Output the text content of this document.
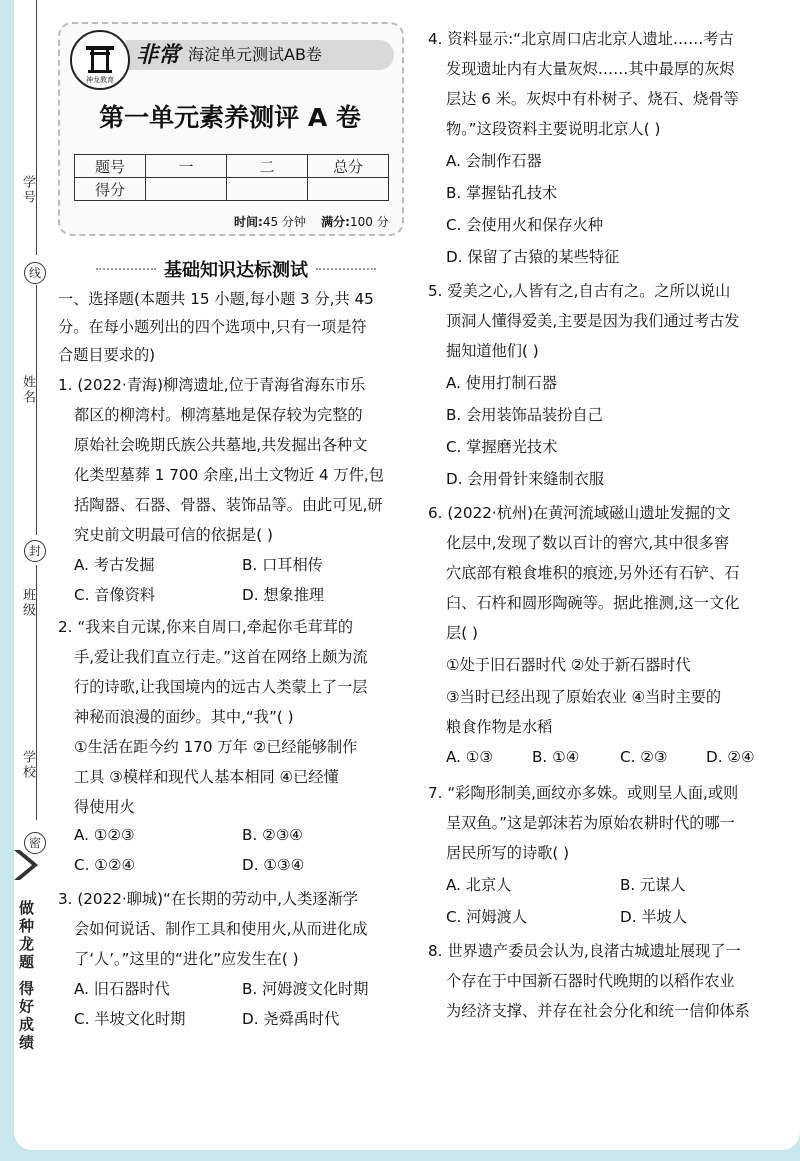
学号
线
姓名
封
班级
学校
密
做种龙题 得好成绩
神龙教育
非常 海淀单元测试AB卷
第一单元素养测评 A 卷
题号	一	二	总分
得分			
时间:45 分钟 满分:100 分
基础知识达标测试
一、选择题(本题共 15 小题,每小题 3 分,共 45
分。在每小题列出的四个选项中,只有一项是符
合题目要求的)
1. (2022·青海)柳湾遗址,位于青海省海东市乐
都区的柳湾村。柳湾墓地是保存较为完整的
原始社会晚期氏族公共墓地,共发掘出各种文
化类型墓葬 1 700 余座,出土文物近 4 万件,包
括陶器、石器、骨器、装饰品等。由此可见,研
究史前文明最可信的依据是( )
A. 考古发掘	B. 口耳相传
C. 音像资料	D. 想象推理
2. “我来自元谋,你来自周口,牵起你毛茸茸的
手,爱让我们直立行走。”这首在网络上颇为流
行的诗歌,让我国境内的远古人类蒙上了一层
神秘而浪漫的面纱。其中,“我”( )
①生活在距今约 170 万年 ②已经能够制作
工具 ③模样和现代人基本相同 ④已经懂
得使用火
A. ①②③	B. ②③④
C. ①②④	D. ①③④
3. (2022·聊城)“在长期的劳动中,人类逐渐学
会如何说话、制作工具和使用火,从而进化成
了‘人’。”这里的“进化”应发生在( )
A. 旧石器时代	B. 河姆渡文化时期
C. 半坡文化时期	D. 尧舜禹时代
4. 资料显示:“北京周口店北京人遗址……考古
发现遗址内有大量灰烬……其中最厚的灰烬
层达 6 米。灰烬中有朴树子、烧石、烧骨等
物。”这段资料主要说明北京人( )
A. 会制作石器
B. 掌握钻孔技术
C. 会使用火和保存火种
D. 保留了古猿的某些特征
5. 爱美之心,人皆有之,自古有之。之所以说山
顶洞人懂得爱美,主要是因为我们通过考古发
掘知道他们( )
A. 使用打制石器
B. 会用装饰品装扮自己
C. 掌握磨光技术
D. 会用骨针来缝制衣服
6. (2022·杭州)在黄河流域磁山遗址发掘的文
化层中,发现了数以百计的窖穴,其中很多窖
穴底部有粮食堆积的痕迹,另外还有石铲、石
臼、石杵和圆形陶碗等。据此推测,这一文化
层( )
①处于旧石器时代 ②处于新石器时代
③当时已经出现了原始农业 ④当时主要的
粮食作物是水稻
A. ①③	B. ①④	C. ②③	D. ②④
7. “彩陶形制美,画纹亦多姝。或则呈人面,或则
呈双鱼。”这是郭沫若为原始农耕时代的哪一
居民所写的诗歌( )
A. 北京人	B. 元谋人
C. 河姆渡人	D. 半坡人
8. 世界遗产委员会认为,良渚古城遗址展现了一
个存在于中国新石器时代晚期的以稻作农业
为经济支撑、并存在社会分化和统一信仰体系
